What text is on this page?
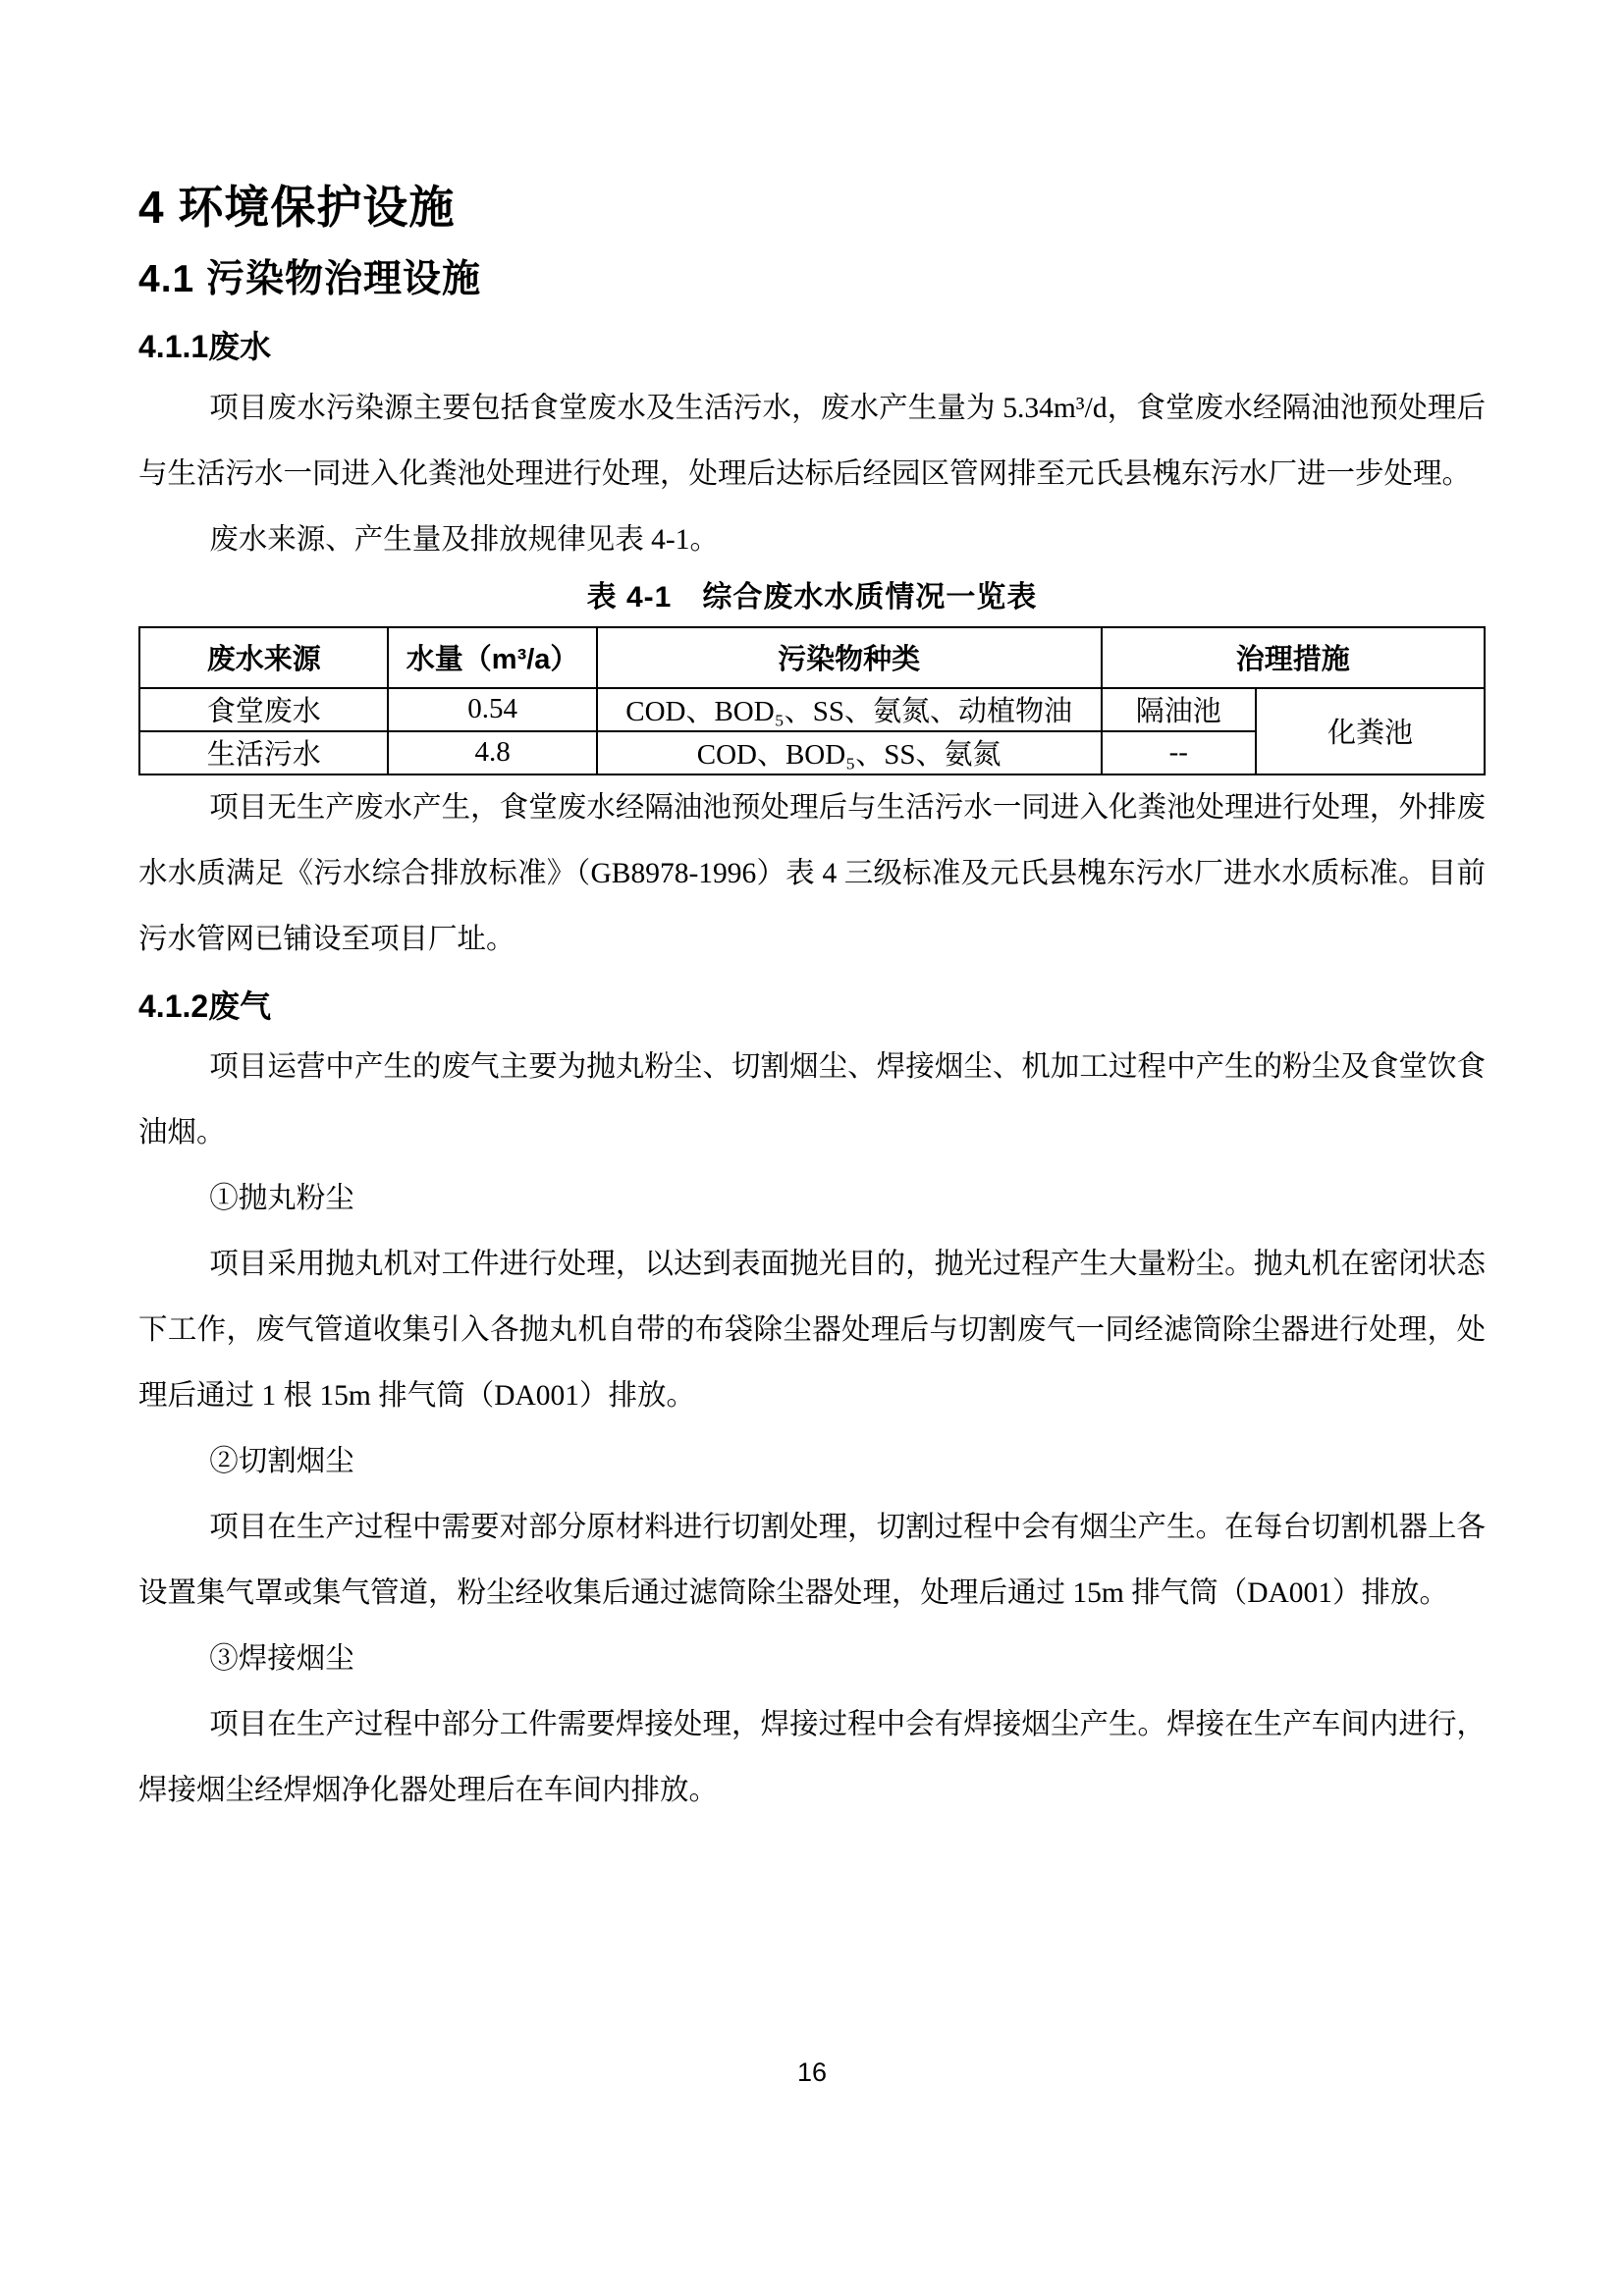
4 环境保护设施
4.1 污染物治理设施
4.1.1废水

项目废水污染源主要包括食堂废水及生活污水，废水产生量为 5.34m³/d，食堂废水经隔油池预处理后与生活污水一同进入化粪池处理进行处理，处理后达标后经园区管网排至元氏县槐东污水厂进一步处理。

废水来源、产生量及排放规律见表 4-1。

表 4-1　综合废水水质情况一览表
废水来源	水量（m³/a）	污染物种类	治理措施	
食堂废水	0.54	COD、BOD₅、SS、氨氮、动植物油	隔油池	化粪池
生活污水	4.8	COD、BOD₅、SS、氨氮	--	

项目无生产废水产生，食堂废水经隔油池预处理后与生活污水一同进入化粪池处理进行处理，外排废水水质满足《污水综合排放标准》（GB8978-1996）表 4 三级标准及元氏县槐东污水厂进水水质标准。目前污水管网已铺设至项目厂址。

4.1.2废气

项目运营中产生的废气主要为抛丸粉尘、切割烟尘、焊接烟尘、机加工过程中产生的粉尘及食堂饮食油烟。

①抛丸粉尘

项目采用抛丸机对工件进行处理，以达到表面抛光目的，抛光过程产生大量粉尘。抛丸机在密闭状态下工作，废气管道收集引入各抛丸机自带的布袋除尘器处理后与切割废气一同经滤筒除尘器进行处理，处理后通过 1 根 15m 排气筒（DA001）排放。

②切割烟尘

项目在生产过程中需要对部分原材料进行切割处理，切割过程中会有烟尘产生。在每台切割机器上各设置集气罩或集气管道，粉尘经收集后通过滤筒除尘器处理，处理后通过 15m 排气筒（DA001）排放。

③焊接烟尘

项目在生产过程中部分工件需要焊接处理，焊接过程中会有焊接烟尘产生。焊接在生产车间内进行，焊接烟尘经焊烟净化器处理后在车间内排放。

16
